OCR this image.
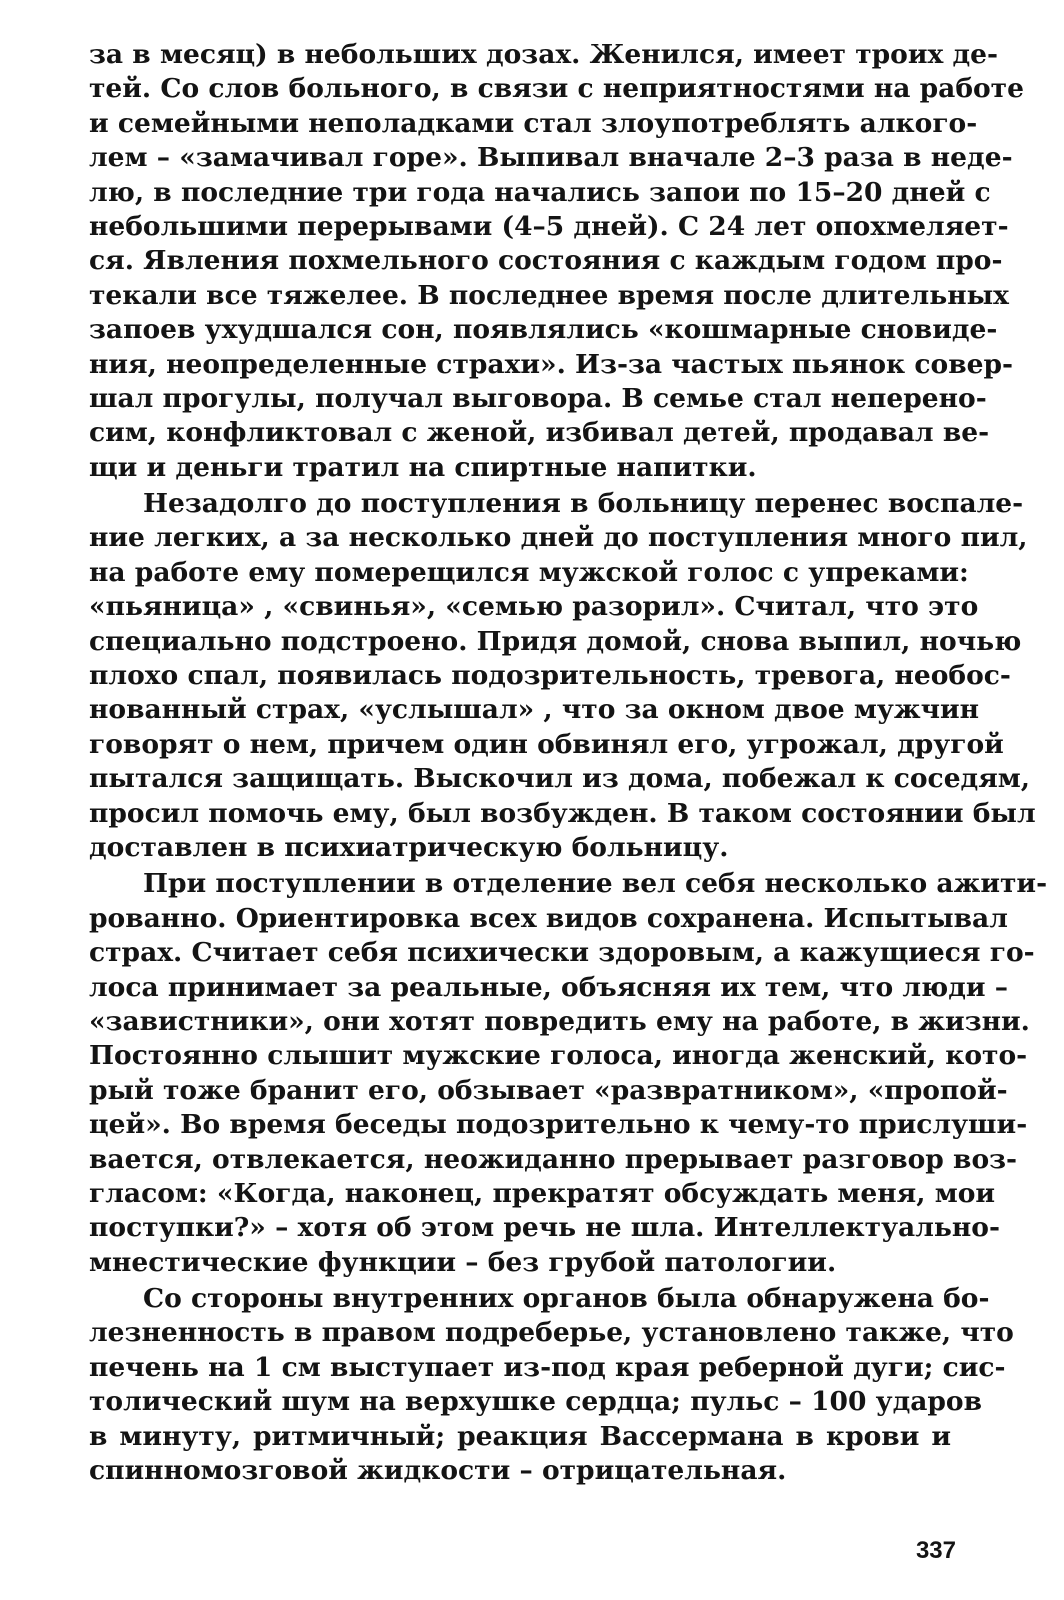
за в месяц) в небольших дозах. Женился, имеет троих де-
тей. Со слов больного, в связи с неприятностями на работе
и семейными неполадками стал злоупотреблять алкого-
лем – «замачивал горе». Выпивал вначале 2–3 раза в неде-
лю, в последние три года начались запои по 15–20 дней с
небольшими перерывами (4–5 дней). С 24 лет опохмеляет-
ся. Явления похмельного состояния с каждым годом про-
текали все тяжелее. В последнее время после длительных
запоев ухудшался сон, появлялись «кошмарные сновиде-
ния, неопределенные страхи». Из-за частых пьянок совер-
шал прогулы, получал выговора. В семье стал неперено-
сим, конфликтовал с женой, избивал детей, продавал ве-
щи и деньги тратил на спиртные напитки.
Незадолго до поступления в больницу перенес воспале-
ние легких, а за несколько дней до поступления много пил,
на работе ему померещился мужской голос с упреками:
«пьяница» , «свинья», «семью разорил». Считал, что это
специально подстроено. Придя домой, снова выпил, ночью
плохо спал, появилась подозрительность, тревога, необос-
нованный страх, «услышал» , что за окном двое мужчин
говорят о нем, причем один обвинял его, угрожал, другой
пытался защищать. Выскочил из дома, побежал к соседям,
просил помочь ему, был возбужден. В таком состоянии был
доставлен в психиатрическую больницу.
При поступлении в отделение вел себя несколько ажити-
рованно. Ориентировка всех видов сохранена. Испытывал
страх. Считает себя психически здоровым, а кажущиеся го-
лоса принимает за реальные, объясняя их тем, что люди –
«завистники», они хотят повредить ему на работе, в жизни.
Постоянно слышит мужские голоса, иногда женский, кото-
рый тоже бранит его, обзывает «развратником», «пропой-
цей». Во время беседы подозрительно к чему-то прислуши-
вается, отвлекается, неожиданно прерывает разговор воз-
гласом: «Когда, наконец, прекратят обсуждать меня, мои
поступки?» – хотя об этом речь не шла. Интеллектуально-
мнестические функции – без грубой патологии.
Со стороны внутренних органов была обнаружена бо-
лезненность в правом подреберье, установлено также, что
печень на 1 см выступает из-под края реберной дуги; сис-
толический шум на верхушке сердца; пульс – 100 ударов
в минуту, ритмичный; реакция Вассермана в крови и
спинномозговой жидкости – отрицательная.
337
